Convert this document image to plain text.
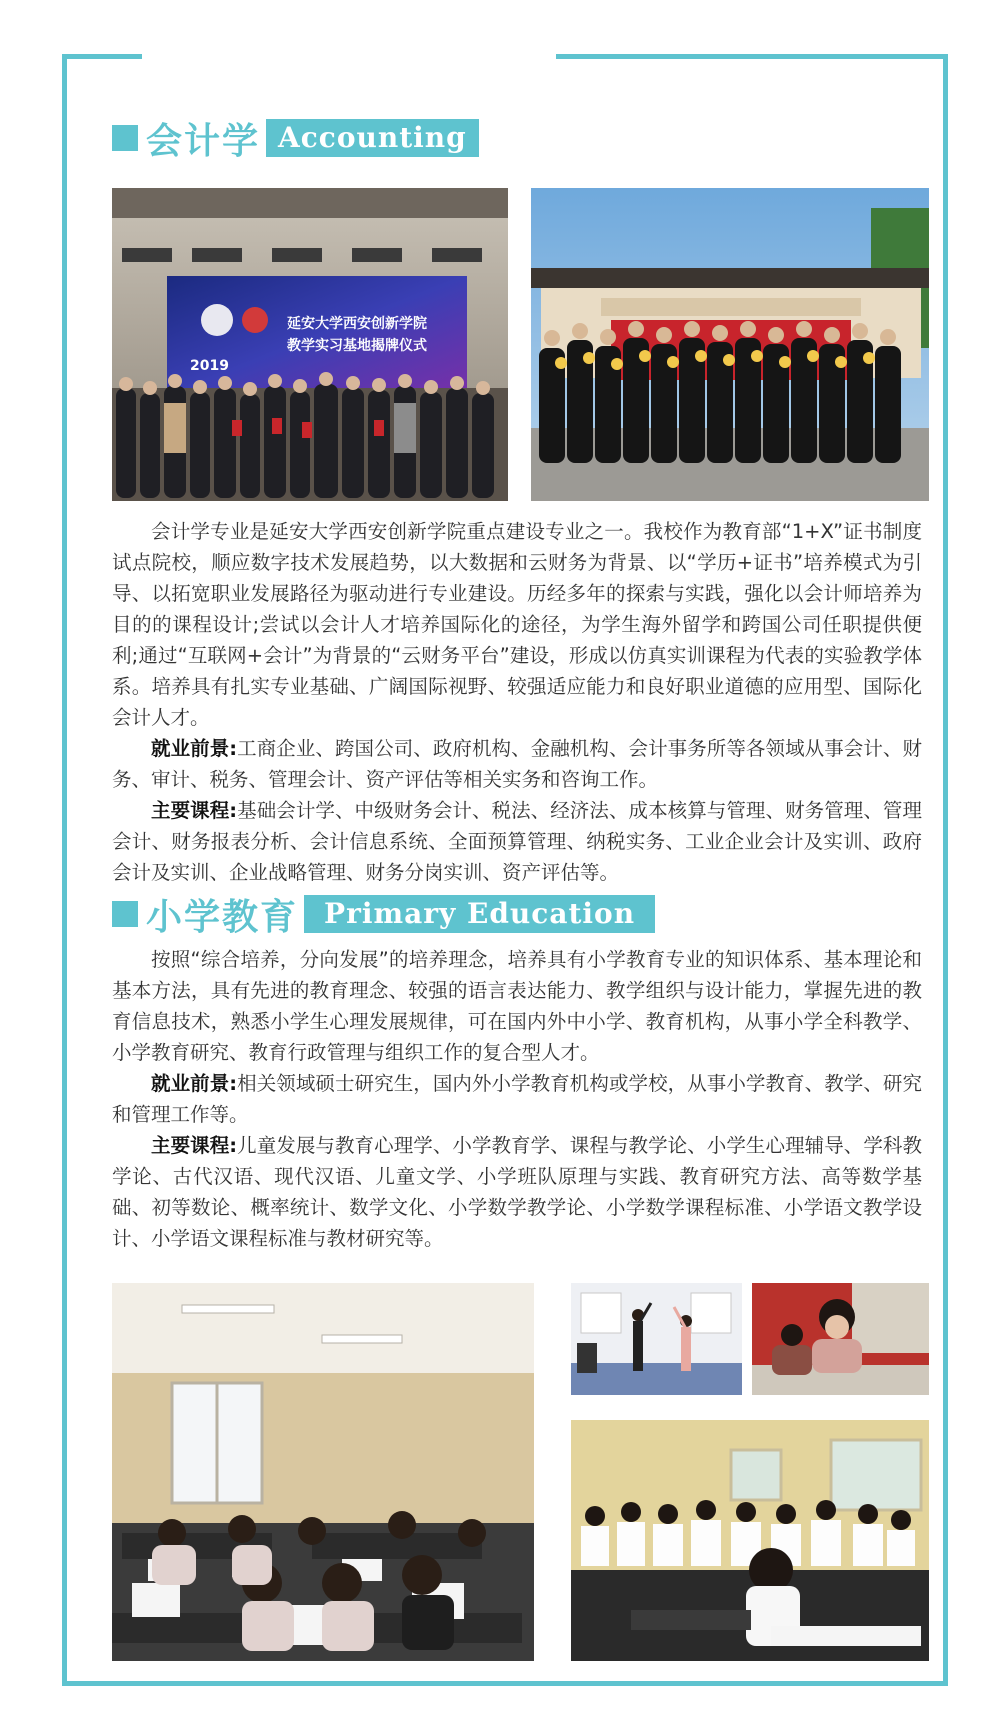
会计学 Accounting
2019
延安大学西安创新学院
教学实习基地揭牌仪式

会计学专业是延安大学西安创新学院重点建设专业之一。我校作为教育部“1+X”证书制度试点院校，顺应数字技术发展趋势，以大数据和云财务为背景、以“学历+证书”培养模式为引导、以拓宽职业发展路径为驱动进行专业建设。历经多年的探索与实践，强化以会计师培养为目的的课程设计;尝试以会计人才培养国际化的途径，为学生海外留学和跨国公司任职提供便利;通过“互联网+会计”为背景的“云财务平台”建设，形成以仿真实训课程为代表的实验教学体系。培养具有扎实专业基础、广阔国际视野、较强适应能力和良好职业道德的应用型、国际化会计人才。

就业前景:工商企业、跨国公司、政府机构、金融机构、会计事务所等各领域从事会计、财务、审计、税务、管理会计、资产评估等相关实务和咨询工作。

主要课程:基础会计学、中级财务会计、税法、经济法、成本核算与管理、财务管理、管理会计、财务报表分析、会计信息系统、全面预算管理、纳税实务、工业企业会计及实训、政府会计及实训、企业战略管理、财务分岗实训、资产评估等。

小学教育 Primary Education

按照“综合培养，分向发展”的培养理念，培养具有小学教育专业的知识体系、基本理论和基本方法，具有先进的教育理念、较强的语言表达能力、教学组织与设计能力，掌握先进的教育信息技术，熟悉小学生心理发展规律，可在国内外中小学、教育机构，从事小学全科教学、小学教育研究、教育行政管理与组织工作的复合型人才。

就业前景:相关领域硕士研究生，国内外小学教育机构或学校，从事小学教育、教学、研究和管理工作等。

主要课程:儿童发展与教育心理学、小学教育学、课程与教学论、小学生心理辅导、学科教学论、古代汉语、现代汉语、儿童文学、小学班队原理与实践、教育研究方法、高等数学基础、初等数论、概率统计、数学文化、小学数学教学论、小学数学课程标准、小学语文教学设计、小学语文课程标准与教材研究等。
